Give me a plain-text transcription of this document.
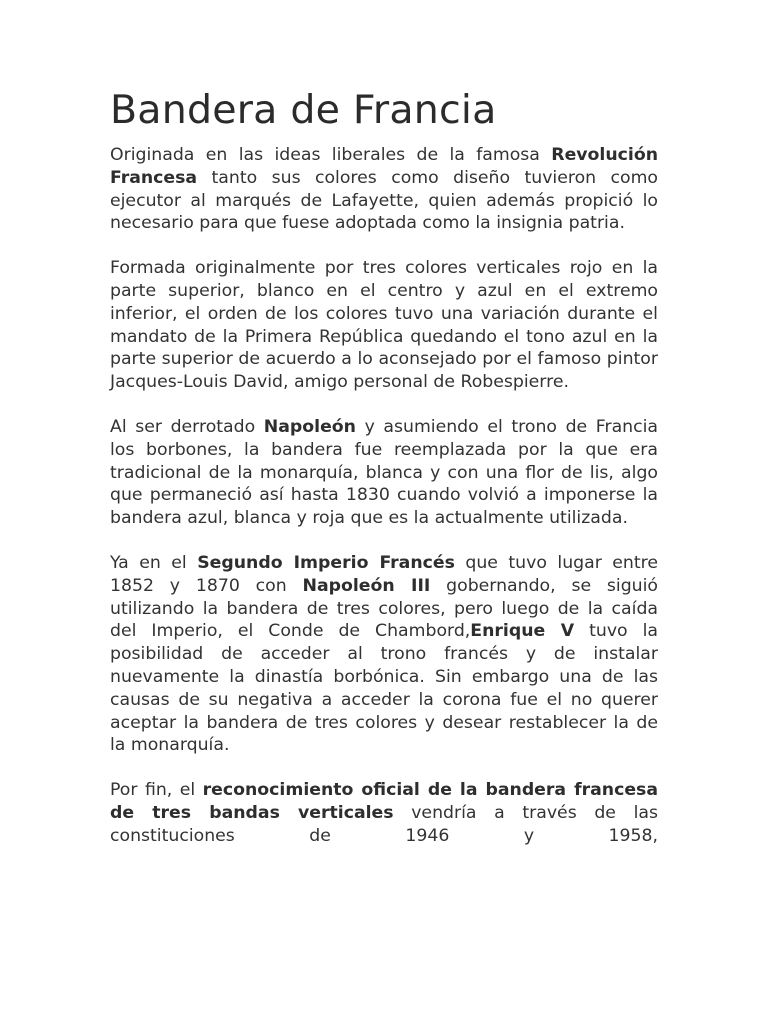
Bandera de Francia

Originada en las ideas liberales de la famosa Revolución Francesa tanto sus colores como diseño tuvieron como ejecutor al marqués de Lafayette, quien además propició lo necesario para que fuese adoptada como la insignia patria.

Formada originalmente por tres colores verticales rojo en la parte superior, blanco en el centro y azul en el extremo inferior, el orden de los colores tuvo una variación durante el mandato de la Primera República quedando el tono azul en la parte superior de acuerdo a lo aconsejado por el famoso pintor Jacques-Louis David, amigo personal de Robespierre.

Al ser derrotado Napoleón y asumiendo el trono de Francia los borbones, la bandera fue reemplazada por la que era tradicional de la monarquía, blanca y con una flor de lis, algo que permaneció así hasta 1830 cuando volvió a imponerse la bandera azul, blanca y roja que es la actualmente utilizada.

Ya en el Segundo Imperio Francés que tuvo lugar entre 1852 y 1870 con Napoleón III gobernando, se siguió utilizando la bandera de tres colores, pero luego de la caída del Imperio, el Conde de Chambord,Enrique V tuvo la posibilidad de acceder al trono francés y de instalar nuevamente la dinastía borbónica. Sin embargo una de las causas de su negativa a acceder la corona fue el no querer aceptar la bandera de tres colores y desear restablecer la de la monarquía.

Por fin, el reconocimiento oficial de la bandera francesa de tres bandas verticales vendría a través de las constituciones de 1946 y 1958,
